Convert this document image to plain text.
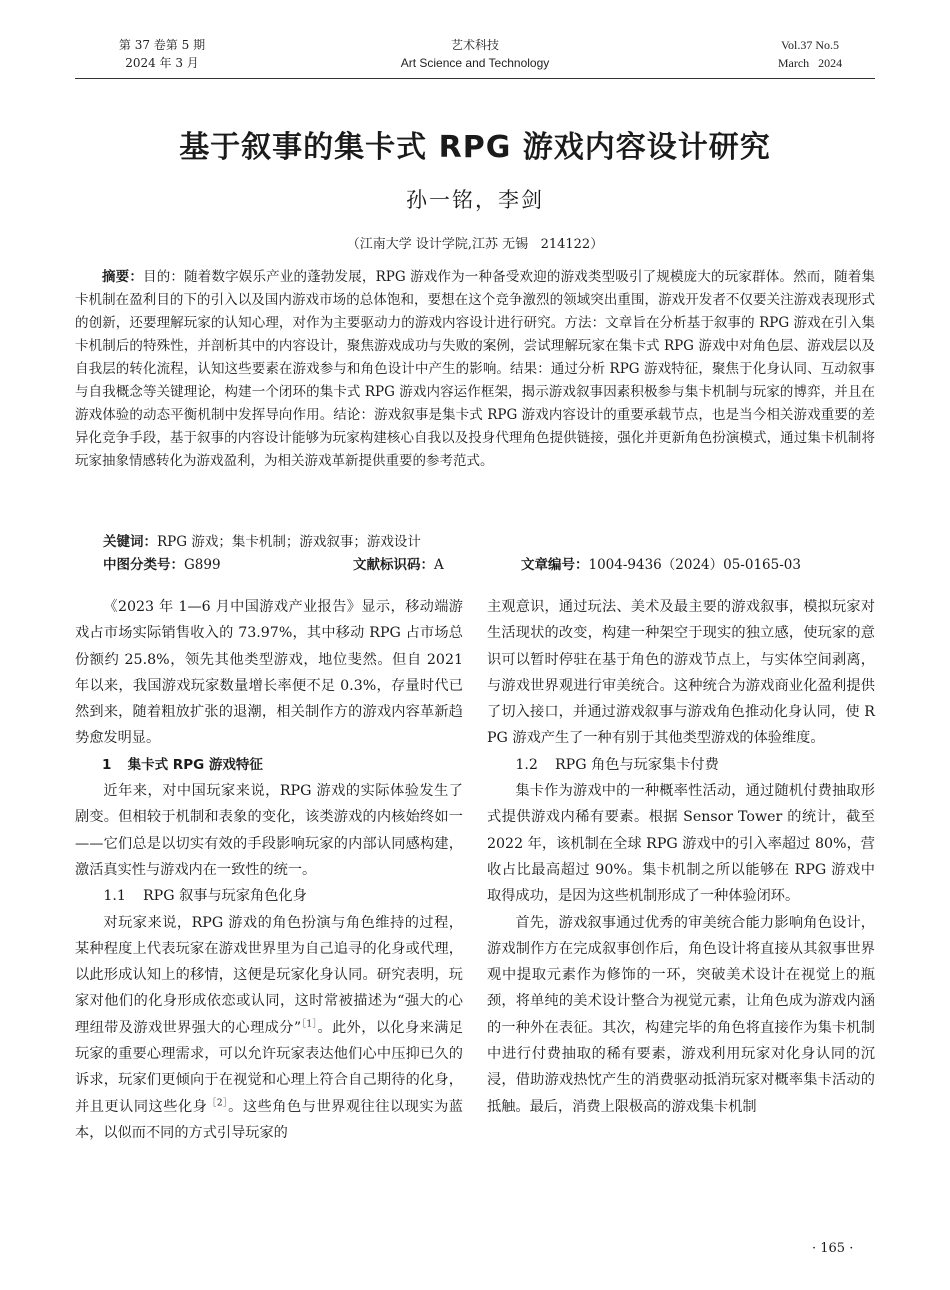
第 37 卷第 5 期
2024 年 3 月
艺术科技
Art Science and Technology
Vol.37 No.5
March   2024
基于叙事的集卡式 RPG 游戏内容设计研究
孙一铭，李剑
（江南大学 设计学院,江苏 无锡   214122）
摘要：目的：随着数字娱乐产业的蓬勃发展，RPG 游戏作为一种备受欢迎的游戏类型吸引了规模庞大的玩家群体。然而，随着集卡机制在盈利目的下的引入以及国内游戏市场的总体饱和，要想在这个竞争激烈的领域突出重围，游戏开发者不仅要关注游戏表现形式的创新，还要理解玩家的认知心理，对作为主要驱动力的游戏内容设计进行研究。方法：文章旨在分析基于叙事的 RPG 游戏在引入集卡机制后的特殊性，并剖析其中的内容设计，聚焦游戏成功与失败的案例，尝试理解玩家在集卡式 RPG 游戏中对角色层、游戏层以及自我层的转化流程，认知这些要素在游戏参与和角色设计中产生的影响。结果：通过分析 RPG 游戏特征，聚焦于化身认同、互动叙事与自我概念等关键理论，构建一个闭环的集卡式 RPG 游戏内容运作框架，揭示游戏叙事因素积极参与集卡机制与玩家的博弈，并且在游戏体验的动态平衡机制中发挥导向作用。结论：游戏叙事是集卡式 RPG 游戏内容设计的重要承载节点，也是当今相关游戏重要的差异化竞争手段，基于叙事的内容设计能够为玩家构建核心自我以及投身代理角色提供链接，强化并更新角色扮演模式，通过集卡机制将玩家抽象情感转化为游戏盈利，为相关游戏革新提供重要的参考范式。
关键词：RPG 游戏；集卡机制；游戏叙事；游戏设计
中图分类号：G899	文献标识码：A	文章编号：1004-9436（2024）05-0165-03

《2023 年 1—6 月中国游戏产业报告》显示，移动端游戏占市场实际销售收入的 73.97%，其中移动 RPG 占市场总份额约 25.8%，领先其他类型游戏，地位斐然。但自 2021 年以来，我国游戏玩家数量增长率便不足 0.3%，存量时代已然到来，随着粗放扩张的退潮，相关制作方的游戏内容革新趋势愈发明显。

1 集卡式 RPG 游戏特征

近年来，对中国玩家来说，RPG 游戏的实际体验发生了剧变。但相较于机制和表象的变化，该类游戏的内核始终如一——它们总是以切实有效的手段影响玩家的内部认同感构建，激活真实性与游戏内在一致性的统一。

1.1 RPG 叙事与玩家角色化身

对玩家来说，RPG 游戏的角色扮演与角色维持的过程，某种程度上代表玩家在游戏世界里为自己追寻的化身或代理，以此形成认知上的移情，这便是玩家化身认同。研究表明，玩家对他们的化身形成依恋或认同，这时常被描述为“强大的心理纽带及游戏世界强大的心理成分”$^{[1]}$。此外，以化身来满足玩家的重要心理需求，可以允许玩家表达他们心中压抑已久的诉求，玩家们更倾向于在视觉和心理上符合自己期待的化身，并且更认同这些化身$^{[2]}$。这些角色与世界观往往以现实为蓝本，以似而不同的方式引导玩家的

主观意识，通过玩法、美术及最主要的游戏叙事，模拟玩家对生活现状的改变，构建一种架空于现实的独立感，使玩家的意识可以暂时停驻在基于角色的游戏节点上，与实体空间剥离，与游戏世界观进行审美统合。这种统合为游戏商业化盈利提供了切入接口，并通过游戏叙事与游戏角色推动化身认同，使 RPG 游戏产生了一种有别于其他类型游戏的体验维度。

1.2 RPG 角色与玩家集卡付费

集卡作为游戏中的一种概率性活动，通过随机付费抽取形式提供游戏内稀有要素。根据 Sensor Tower 的统计，截至 2022 年，该机制在全球 RPG 游戏中的引入率超过 80%，营收占比最高超过 90%。集卡机制之所以能够在 RPG 游戏中取得成功，是因为这些机制形成了一种体验闭环。

首先，游戏叙事通过优秀的审美统合能力影响角色设计，游戏制作方在完成叙事创作后，角色设计将直接从其叙事世界观中提取元素作为修饰的一环，突破美术设计在视觉上的瓶颈，将单纯的美术设计整合为视觉元素，让角色成为游戏内涵的一种外在表征。其次，构建完毕的角色将直接作为集卡机制中进行付费抽取的稀有要素，游戏利用玩家对化身认同的沉浸，借助游戏热忱产生的消费驱动抵消玩家对概率集卡活动的抵触。最后，消费上限极高的游戏集卡机制

· 165 ·
